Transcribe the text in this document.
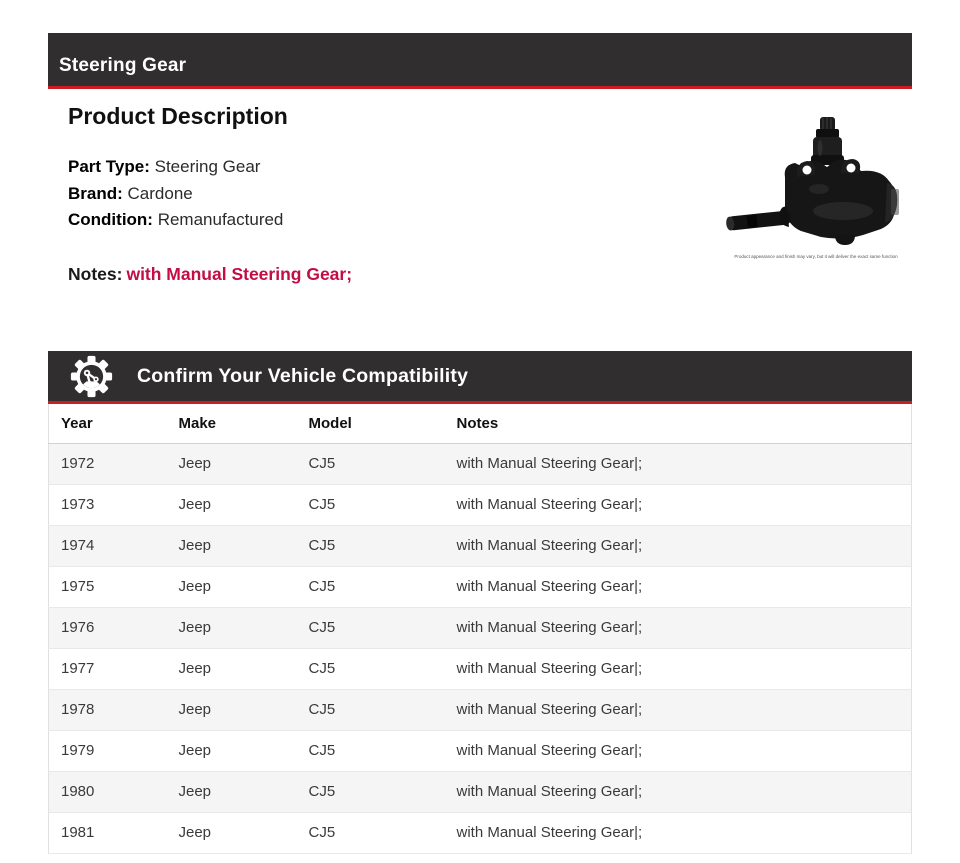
Steering Gear
Product Description
Part Type: Steering Gear
Brand: Cardone
Condition: Remanufactured
Notes: with Manual Steering Gear;
Product appearance and finish may vary, but it will deliver the exact same function
Confirm Your Vehicle Compatibility
Year	Make	Model	Notes
1972	Jeep	CJ5	with Manual Steering Gear|;
1973	Jeep	CJ5	with Manual Steering Gear|;
1974	Jeep	CJ5	with Manual Steering Gear|;
1975	Jeep	CJ5	with Manual Steering Gear|;
1976	Jeep	CJ5	with Manual Steering Gear|;
1977	Jeep	CJ5	with Manual Steering Gear|;
1978	Jeep	CJ5	with Manual Steering Gear|;
1979	Jeep	CJ5	with Manual Steering Gear|;
1980	Jeep	CJ5	with Manual Steering Gear|;
1981	Jeep	CJ5	with Manual Steering Gear|;
